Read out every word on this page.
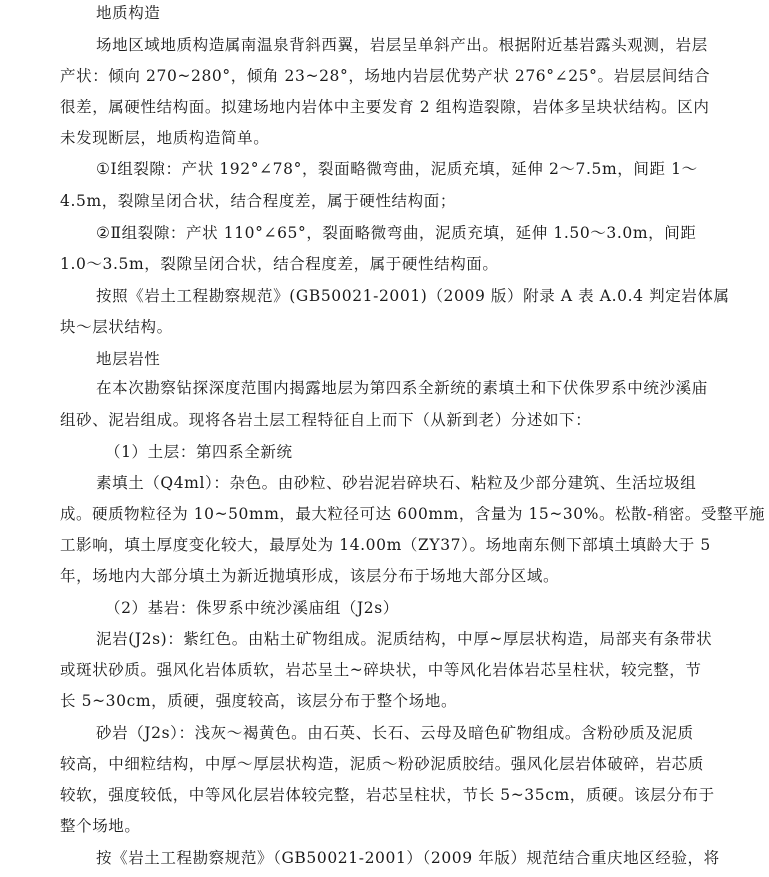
地质构造
场地区域地质构造属南温泉背斜西翼，岩层呈单斜产出。根据附近基岩露头观测，岩层
产状：倾向 270~280°，倾角 23~28°，场地内岩层优势产状 276°∠25°。岩层层间结合
很差，属硬性结构面。拟建场地内岩体中主要发育 2 组构造裂隙，岩体多呈块状结构。区内
未发现断层，地质构造简单。
①Ⅰ组裂隙：产状 192°∠78°，裂面略微弯曲，泥质充填，延伸 2～7.5m，间距 1～
4.5m，裂隙呈闭合状，结合程度差，属于硬性结构面；
②Ⅱ组裂隙：产状 110°∠65°，裂面略微弯曲，泥质充填，延伸 1.50～3.0m，间距
1.0～3.5m，裂隙呈闭合状，结合程度差，属于硬性结构面。
按照《岩土工程勘察规范》(GB50021-2001)（2009 版）附录 A 表 A.0.4 判定岩体属
块～层状结构。
地层岩性
在本次勘察钻探深度范围内揭露地层为第四系全新统的素填土和下伏侏罗系中统沙溪庙
组砂、泥岩组成。现将各岩土层工程特征自上而下（从新到老）分述如下：
（1）土层：第四系全新统
素填土（Q4ml）：杂色。由砂粒、砂岩泥岩碎块石、粘粒及少部分建筑、生活垃圾组
成。硬质物粒径为 10~50mm，最大粒径可达 600mm，含量为 15~30%。松散-稍密。受整平施
工影响，填土厚度变化较大，最厚处为 14.00m（ZY37）。场地南东侧下部填土填龄大于 5
年，场地内大部分填土为新近抛填形成，该层分布于场地大部分区域。
（2）基岩：侏罗系中统沙溪庙组（J2s）
泥岩(J2s)：紫红色。由粘土矿物组成。泥质结构，中厚~厚层状构造，局部夹有条带状
或斑状砂质。强风化岩体质软，岩芯呈土~碎块状，中等风化岩体岩芯呈柱状，较完整，节
长 5~30cm，质硬，强度较高，该层分布于整个场地。
砂岩（J2s）：浅灰～褐黄色。由石英、长石、云母及暗色矿物组成。含粉砂质及泥质
较高，中细粒结构，中厚～厚层状构造，泥质～粉砂泥质胶结。强风化层岩体破碎，岩芯质
较软，强度较低，中等风化层岩体较完整，岩芯呈柱状，节长 5~35cm，质硬。该层分布于
整个场地。
按《岩土工程勘察规范》（GB50021-2001）（2009 年版）规范结合重庆地区经验，将
